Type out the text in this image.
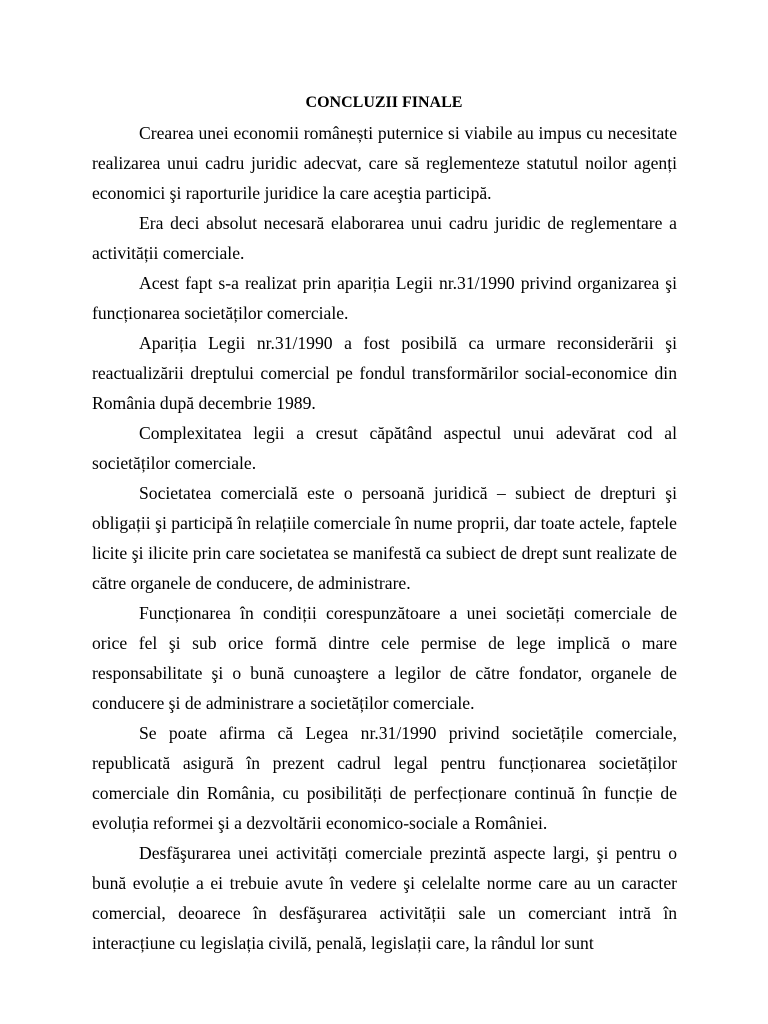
CONCLUZII FINALE

Crearea unei economii românești puternice si viabile au impus cu necesitate realizarea unui cadru juridic adecvat, care să reglementeze statutul noilor agenți economici şi raporturile juridice la care aceştia participă.

Era deci absolut necesară elaborarea unui cadru juridic de reglementare a activității comerciale.

Acest fapt s-a realizat prin apariția Legii nr.31/1990 privind organizarea şi funcționarea societăților comerciale.

Apariția Legii nr.31/1990 a fost posibilă ca urmare reconsiderării şi reactualizării dreptului comercial pe fondul transformărilor social-economice din România după decembrie 1989.

Complexitatea legii a cresut căpătând aspectul unui adevărat cod al societăților comerciale.

Societatea comercială este o persoană juridică – subiect de drepturi şi obligații şi participă în relațiile comerciale în nume proprii, dar toate actele, faptele licite şi ilicite prin care societatea se manifestă ca subiect de drept sunt realizate de către organele de conducere, de administrare.

Funcționarea în condiții corespunzătoare a unei societăți comerciale de orice fel şi sub orice formă dintre cele permise de lege implică o mare responsabilitate şi o bună cunoaştere a legilor de către fondator, organele de conducere şi de administrare a societăților comerciale.

Se poate afirma că Legea nr.31/1990 privind societățile comerciale, republicată asigură în prezent cadrul legal pentru funcționarea societăților comerciale din România, cu posibilități de perfecționare continuă în funcție de evoluția reformei şi a dezvoltării economico-sociale a României.

Desfăşurarea unei activități comerciale prezintă aspecte largi, şi pentru o bună evoluție a ei trebuie avute în vedere şi celelalte norme care au un caracter comercial, deoarece în desfăşurarea activității sale un comerciant intră în interacțiune cu legislația civilă, penală, legislații care, la rândul lor sunt
